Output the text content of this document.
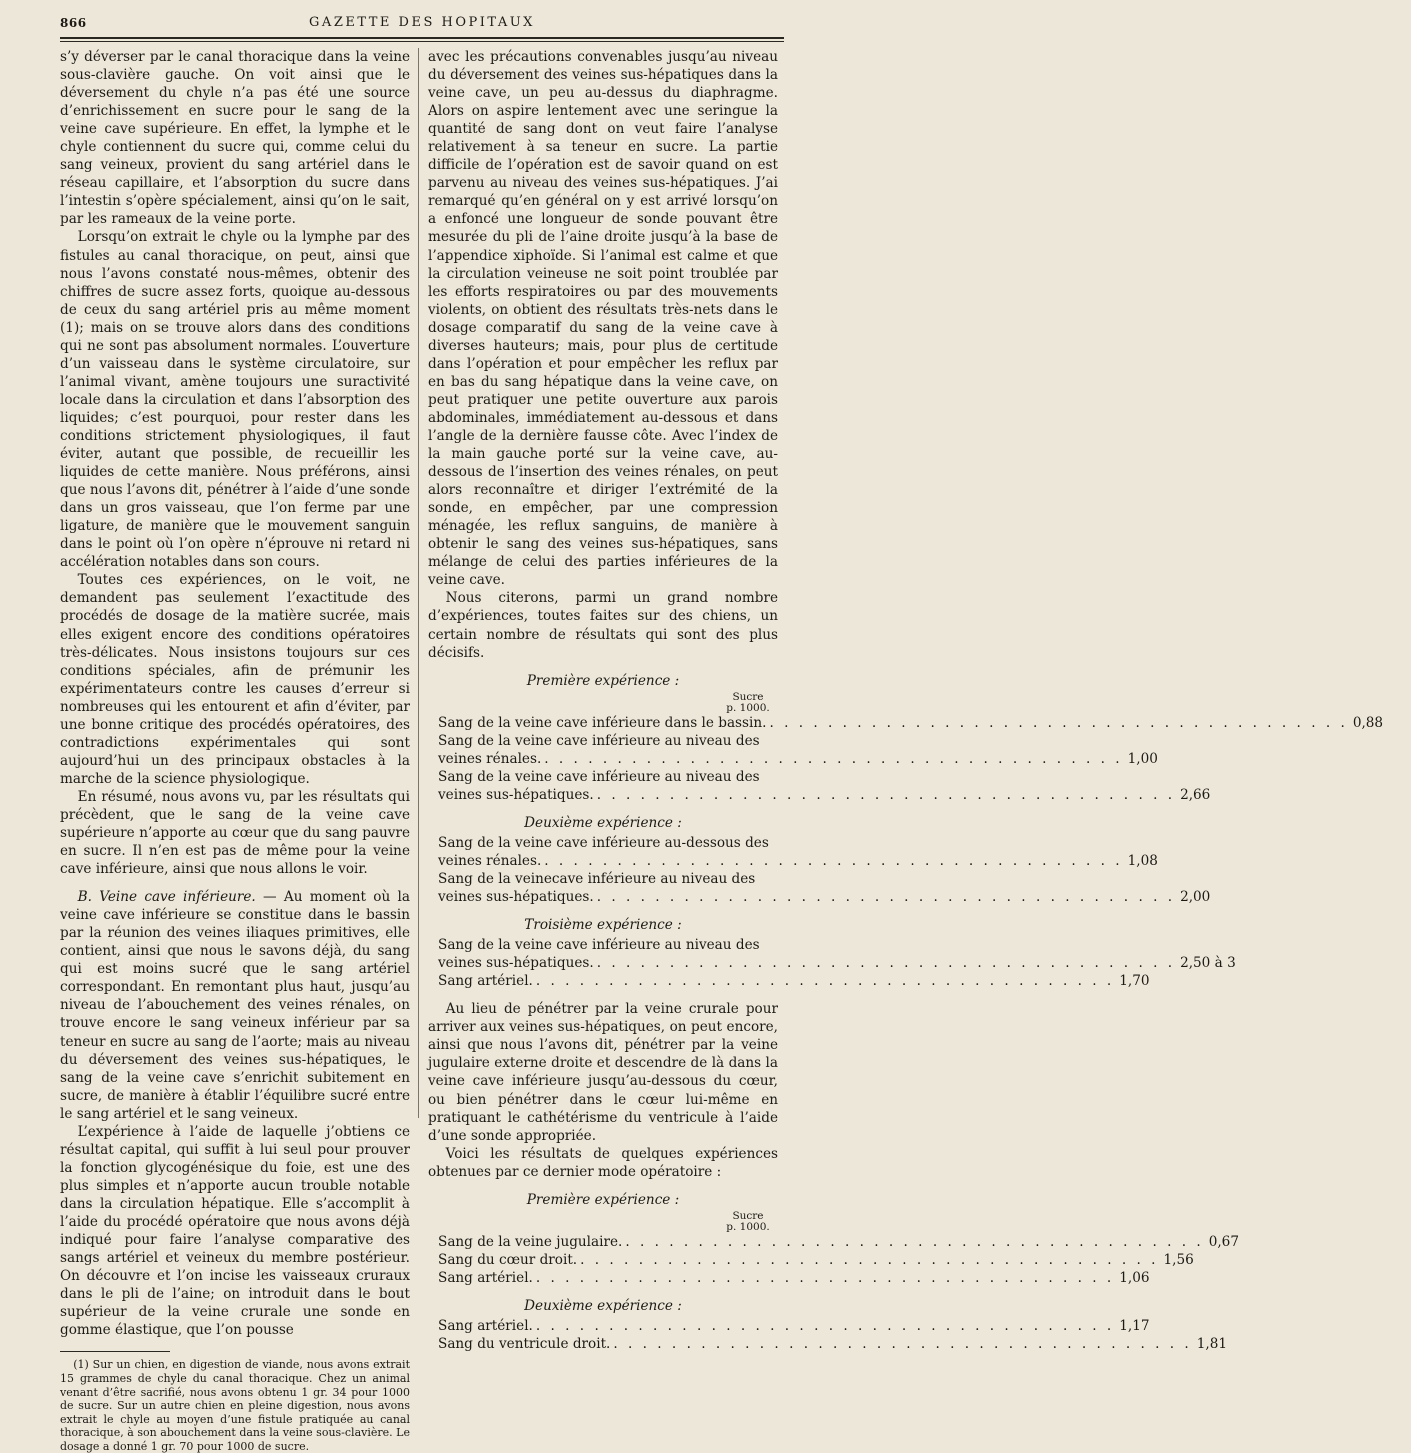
866	GAZETTE DES HOPITAUX

s’y déverser par le canal thoracique dans la veine sous-clavière gauche. On voit ainsi que le déversement du chyle n’a pas été une source d’enrichissement en sucre pour le sang de la veine cave supérieure. En effet, la lymphe et le chyle contiennent du sucre qui, comme celui du sang veineux, provient du sang artériel dans le réseau capillaire, et l’absorption du sucre dans l’intestin s’opère spécialement, ainsi qu’on le sait, par les rameaux de la veine porte.

Lorsqu’on extrait le chyle ou la lymphe par des fistules au canal thoracique, on peut, ainsi que nous l’avons constaté nous-mêmes, obtenir des chiffres de sucre assez forts, quoique au-dessous de ceux du sang artériel pris au même moment (1); mais on se trouve alors dans des conditions qui ne sont pas absolument normales. L’ouverture d’un vaisseau dans le système circulatoire, sur l’animal vivant, amène toujours une suractivité locale dans la circulation et dans l’absorption des liquides; c’est pourquoi, pour rester dans les conditions strictement physiologiques, il faut éviter, autant que possible, de recueillir les liquides de cette manière. Nous préférons, ainsi que nous l’avons dit, pénétrer à l’aide d’une sonde dans un gros vaisseau, que l’on ferme par une ligature, de manière que le mouvement sanguin dans le point où l’on opère n’éprouve ni retard ni accélération notables dans son cours.

Toutes ces expériences, on le voit, ne demandent pas seulement l’exactitude des procédés de dosage de la matière sucrée, mais elles exigent encore des conditions opératoires très-délicates. Nous insistons toujours sur ces conditions spéciales, afin de prémunir les expérimentateurs contre les causes d’erreur si nombreuses qui les entourent et afin d’éviter, par une bonne critique des procédés opératoires, des contradictions expérimentales qui sont aujourd’hui un des principaux obstacles à la marche de la science physiologique.

En résumé, nous avons vu, par les résultats qui précèdent, que le sang de la veine cave supérieure n’apporte au cœur que du sang pauvre en sucre. Il n’en est pas de même pour la veine cave inférieure, ainsi que nous allons le voir.

B. Veine cave inférieure. — Au moment où la veine cave inférieure se constitue dans le bassin par la réunion des veines iliaques primitives, elle contient, ainsi que nous le savons déjà, du sang qui est moins sucré que le sang artériel correspondant. En remontant plus haut, jusqu’au niveau de l’abouchement des veines rénales, on trouve encore le sang veineux inférieur par sa teneur en sucre au sang de l’aorte; mais au niveau du déversement des veines sus-hépatiques, le sang de la veine cave s’enrichit subitement en sucre, de manière à établir l’équilibre sucré entre le sang artériel et le sang veineux.

L’expérience à l’aide de laquelle j’obtiens ce résultat capital, qui suffit à lui seul pour prouver la fonction glycogénésique du foie, est une des plus simples et n’apporte aucun trouble notable dans la circulation hépatique. Elle s’accomplit à l’aide du procédé opératoire que nous avons déjà indiqué pour faire l’analyse comparative des sangs artériel et veineux du membre postérieur. On découvre et l’on incise les vaisseaux cruraux dans le pli de l’aine; on introduit dans le bout supérieur de la veine crurale une sonde en gomme élastique, que l’on pousse

(1) Sur un chien, en digestion de viande, nous avons extrait 15 grammes de chyle du canal thoracique. Chez un animal venant d’être sacrifié, nous avons obtenu 1 gr. 34 pour 1000 de sucre. Sur un autre chien en pleine digestion, nous avons extrait le chyle au moyen d’une fistule pratiquée au canal thoracique, à son abouchement dans la veine sous-clavière. Le dosage a donné 1 gr. 70 pour 1000 de sucre.

avec les précautions convenables jusqu’au niveau du déversement des veines sus-hépatiques dans la veine cave, un peu au-dessus du diaphragme. Alors on aspire lentement avec une seringue la quantité de sang dont on veut faire l’analyse relativement à sa teneur en sucre. La partie difficile de l’opération est de savoir quand on est parvenu au niveau des veines sus-hépatiques. J’ai remarqué qu’en général on y est arrivé lorsqu’on a enfoncé une longueur de sonde pouvant être mesurée du pli de l’aine droite jusqu’à la base de l’appendice xiphoïde. Si l’animal est calme et que la circulation veineuse ne soit point troublée par les efforts respiratoires ou par des mouvements violents, on obtient des résultats très-nets dans le dosage comparatif du sang de la veine cave à diverses hauteurs; mais, pour plus de certitude dans l’opération et pour empêcher les reflux par en bas du sang hépatique dans la veine cave, on peut pratiquer une petite ouverture aux parois abdominales, immédiatement au-dessous et dans l’angle de la dernière fausse côte. Avec l’index de la main gauche porté sur la veine cave, au-dessous de l’insertion des veines rénales, on peut alors reconnaître et diriger l’extrémité de la sonde, en empêcher, par une compression ménagée, les reflux sanguins, de manière à obtenir le sang des veines sus-hépatiques, sans mélange de celui des parties inférieures de la veine cave.

Nous citerons, parmi un grand nombre d’expériences, toutes faites sur des chiens, un certain nombre de résultats qui sont des plus décisifs.

Première expérience :
Sucre
p. 1000.
Sang de la veine cave inférieure dans le bassin. . . .	0,88
Sang de la veine cave inférieure au niveau des
veines rénales. . . .	1,00
Sang de la veine cave inférieure au niveau des
veines sus-hépatiques. . . .	2,66
Deuxième expérience :
Sang de la veine cave inférieure au-dessous des
veines rénales. . . .	1,08
Sang de la veinecave inférieure au niveau des
veines sus-hépatiques. . . .	2,00
Troisième expérience :
Sang de la veine cave inférieure au niveau des
veines sus-hépatiques. . . .	2,50 à 3
Sang artériel. . . .	1,70

Au lieu de pénétrer par la veine crurale pour arriver aux veines sus-hépatiques, on peut encore, ainsi que nous l’avons dit, pénétrer par la veine jugulaire externe droite et descendre de là dans la veine cave inférieure jusqu’au-dessous du cœur, ou bien pénétrer dans le cœur lui-même en pratiquant le cathétérisme du ventricule à l’aide d’une sonde appropriée.

Voici les résultats de quelques expériences obtenues par ce dernier mode opératoire :

Première expérience :
Sucre
p. 1000.
Sang de la veine jugulaire. . . .	0,67
Sang du cœur droit. . . .	1,56
Sang artériel. . . .	1,06
Deuxième expérience :
Sang artériel. . . .	1,17
Sang du ventricule droit. . . .	1,81
